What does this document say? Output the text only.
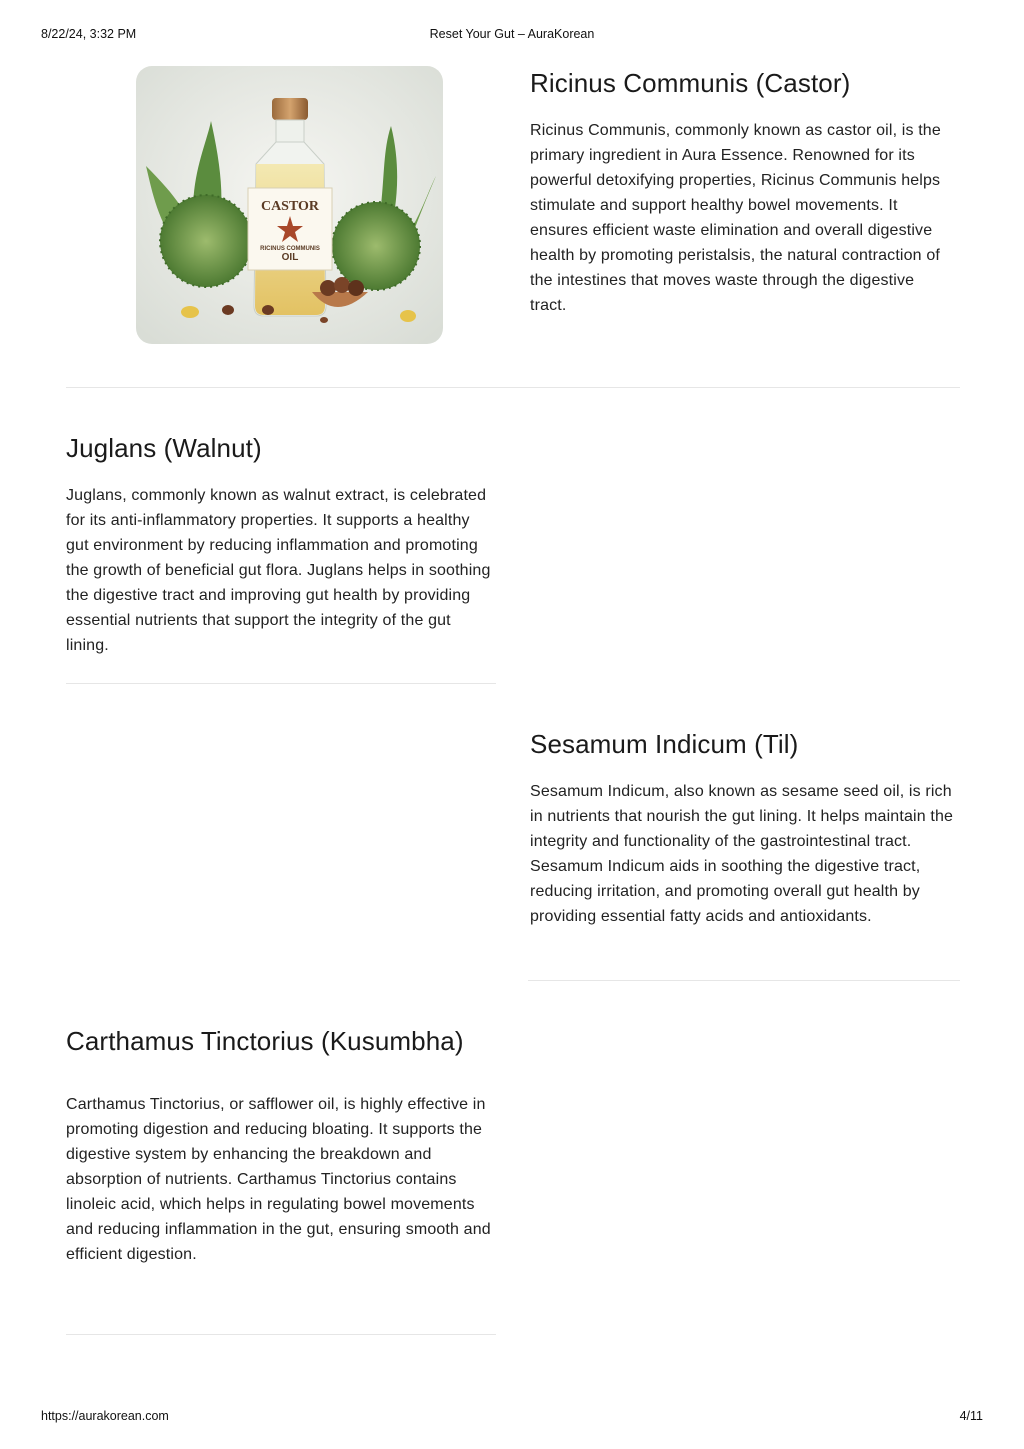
8/22/24, 3:32 PM	Reset Your Gut – AuraKorean
CASTOR
RICINUS COMMUNIS
OIL
Ricinus Communis (Castor)

Ricinus Communis, commonly known as castor oil, is the primary ingredient in Aura Essence. Renowned for its powerful detoxifying properties, Ricinus Communis helps stimulate and support healthy bowel movements. It ensures efficient waste elimination and overall digestive health by promoting peristalsis, the natural contraction of the intestines that moves waste through the digestive tract.

Juglans (Walnut)

Juglans, commonly known as walnut extract, is celebrated for its anti-inflammatory properties. It supports a healthy gut environment by reducing inflammation and promoting the growth of beneficial gut flora. Juglans helps in soothing the digestive tract and improving gut health by providing essential nutrients that support the integrity of the gut lining.

Sesamum Indicum (Til)

Sesamum Indicum, also known as sesame seed oil, is rich in nutrients that nourish the gut lining. It helps maintain the integrity and functionality of the gastrointestinal tract. Sesamum Indicum aids in soothing the digestive tract, reducing irritation, and promoting overall gut health by providing essential fatty acids and antioxidants.

Carthamus Tinctorius (Kusumbha)

Carthamus Tinctorius, or safflower oil, is highly effective in promoting digestion and reducing bloating. It supports the digestive system by enhancing the breakdown and absorption of nutrients. Carthamus Tinctorius contains linoleic acid, which helps in regulating bowel movements and reducing inflammation in the gut, ensuring smooth and efficient digestion.

https://aurakorean.com	4/11
